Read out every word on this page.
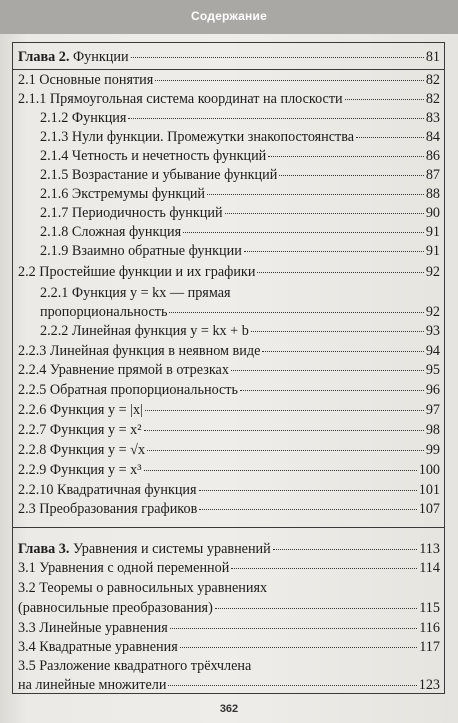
Содержание
Глава 2. Функции	81
2.1 Основные понятия	82
2.1.1 Прямоугольная система координат на плоскости	82
2.1.2 Функция	83
2.1.3 Нули функции. Промежутки знакопостоянства	84
2.1.4 Четность и нечетность функций	86
2.1.5 Возрастание и убывание функций	87
2.1.6 Экстремумы функций	88
2.1.7 Периодичность функций	90
2.1.8 Сложная функция	91
2.1.9 Взаимно обратные функции	91
2.2 Простейшие функции и их графики	92
2.2.1 Функция y = kx — прямая
пропорциональность	92
2.2.2 Линейная функция y = kx + b	93
2.2.3 Линейная функция в неявном виде	94
2.2.4 Уравнение прямой в отрезках	95
2.2.5 Обратная пропорциональность	96
2.2.6 Функция y = |x|	97
2.2.7 Функция y = x²	98
2.2.8 Функция y = √x	99
2.2.9 Функция y = x³	100
2.2.10 Квадратичная функция	101
2.3 Преобразования графиков	107
Глава 3. Уравнения и системы уравнений	113
3.1 Уравнения с одной переменной	114
3.2 Теоремы о равносильных уравнениях
(равносильные преобразования)	115
3.3 Линейные уравнения	116
3.4 Квадратные уравнения	117
3.5 Разложение квадратного трёхчлена
на линейные множители	123
362
